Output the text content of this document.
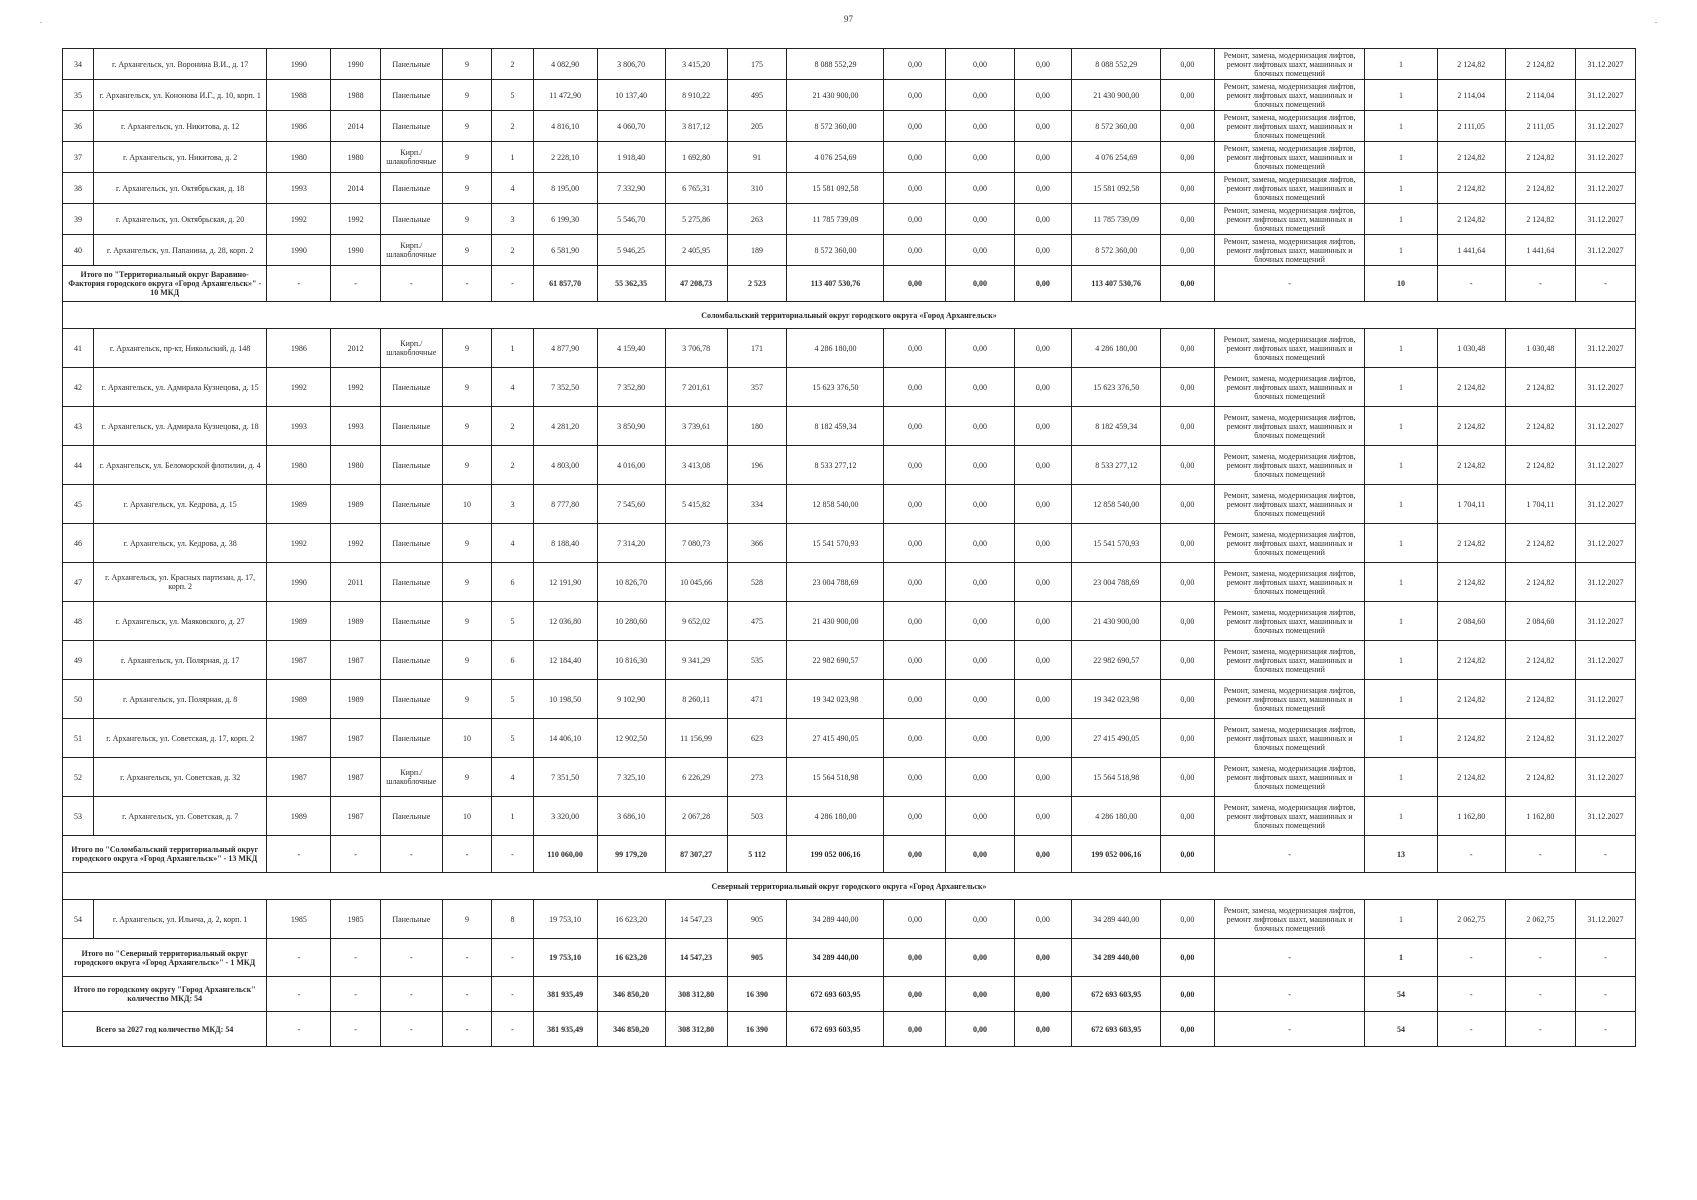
97
.	.
34	г. Архангельск, ул. Воронина В.И., д. 17	1990	1990	Панельные	9	2	4 082,90	3 806,70	3 415,20	175	8 088 552,29	0,00	0,00	0,00	8 088 552,29	0,00	Ремонт, замена, модернизация лифтов, ремонт лифтовых шахт, машинных и блочных помещений	1	2 124,82	2 124,82	31.12.2027
35	г. Архангельск, ул. Кононова И.Г., д. 10, корп. 1	1988	1988	Панельные	9	5	11 472,90	10 137,40	8 910,22	495	21 430 900,00	0,00	0,00	0,00	21 430 900,00	0,00	Ремонт, замена, модернизация лифтов, ремонт лифтовых шахт, машинных и блочных помещений	1	2 114,04	2 114,04	31.12.2027
36	г. Архангельск, ул. Никитова, д. 12	1986	2014	Панельные	9	2	4 816,10	4 060,70	3 817,12	205	8 572 360,00	0,00	0,00	0,00	8 572 360,00	0,00	Ремонт, замена, модернизация лифтов, ремонт лифтовых шахт, машинных и блочных помещений	1	2 111,05	2 111,05	31.12.2027
37	г. Архангельск, ул. Никитова, д. 2	1980	1980	Кирп./ шлакоблочные	9	1	2 228,10	1 918,40	1 692,80	91	4 076 254,69	0,00	0,00	0,00	4 076 254,69	0,00	Ремонт, замена, модернизация лифтов, ремонт лифтовых шахт, машинных и блочных помещений	1	2 124,82	2 124,82	31.12.2027
38	г. Архангельск, ул. Октябрьская, д. 18	1993	2014	Панельные	9	4	8 195,00	7 332,90	6 765,31	310	15 581 092,58	0,00	0,00	0,00	15 581 092,58	0,00	Ремонт, замена, модернизация лифтов, ремонт лифтовых шахт, машинных и блочных помещений	1	2 124,82	2 124,82	31.12.2027
39	г. Архангельск, ул. Октябрьская, д. 20	1992	1992	Панельные	9	3	6 199,30	5 546,70	5 275,86	263	11 785 739,09	0,00	0,00	0,00	11 785 739,09	0,00	Ремонт, замена, модернизация лифтов, ремонт лифтовых шахт, машинных и блочных помещений	1	2 124,82	2 124,82	31.12.2027
40	г. Архангельск, ул. Папанина, д. 28, корп. 2	1990	1990	Кирп./ шлакоблочные	9	2	6 581,90	5 946,25	2 405,95	189	8 572 360,00	0,00	0,00	0,00	8 572 360,00	0,00	Ремонт, замена, модернизация лифтов, ремонт лифтовых шахт, машинных и блочных помещений	1	1 441,64	1 441,64	31.12.2027
Итого по "Территориальный округ Варавино-Фактория городского округа «Город Архангельск»" - 10 МКД		-	-	-	-	-	61 857,70	55 362,35	47 208,73	2 523	113 407 530,76	0,00	0,00	0,00	113 407 530,76	0,00	-	10	-	-	-
Соломбальский территориальный округ городского округа «Город Архангельск»																					
41	г. Архангельск, пр-кт, Никольский, д. 148	1986	2012	Кирп./ шлакоблочные	9	1	4 877,90	4 159,40	3 706,78	171	4 286 180,00	0,00	0,00	0,00	4 286 180,00	0,00	Ремонт, замена, модернизация лифтов, ремонт лифтовых шахт, машинных и блочных помещений	1	1 030,48	1 030,48	31.12.2027
42	г. Архангельск, ул. Адмирала Кузнецова, д. 15	1992	1992	Панельные	9	4	7 352,50	7 352,80	7 201,61	357	15 623 376,50	0,00	0,00	0,00	15 623 376,50	0,00	Ремонт, замена, модернизация лифтов, ремонт лифтовых шахт, машинных и блочных помещений	1	2 124,82	2 124,82	31.12.2027
43	г. Архангельск, ул. Адмирала Кузнецова, д. 18	1993	1993	Панельные	9	2	4 281,20	3 850,90	3 739,61	180	8 182 459,34	0,00	0,00	0,00	8 182 459,34	0,00	Ремонт, замена, модернизация лифтов, ремонт лифтовых шахт, машинных и блочных помещений	1	2 124,82	2 124,82	31.12.2027
44	г. Архангельск, ул. Беломорской флотилии, д. 4	1980	1980	Панельные	9	2	4 803,00	4 016,00	3 413,08	196	8 533 277,12	0,00	0,00	0,00	8 533 277,12	0,00	Ремонт, замена, модернизация лифтов, ремонт лифтовых шахт, машинных и блочных помещений	1	2 124,82	2 124,82	31.12.2027
45	г. Архангельск, ул. Кедрова, д. 15	1989	1989	Панельные	10	3	8 777,80	7 545,60	5 415,82	334	12 858 540,00	0,00	0,00	0,00	12 858 540,00	0,00	Ремонт, замена, модернизация лифтов, ремонт лифтовых шахт, машинных и блочных помещений	1	1 704,11	1 704,11	31.12.2027
46	г. Архангельск, ул. Кедрова, д. 38	1992	1992	Панельные	9	4	8 188,40	7 314,20	7 080,73	366	15 541 570,93	0,00	0,00	0,00	15 541 570,93	0,00	Ремонт, замена, модернизация лифтов, ремонт лифтовых шахт, машинных и блочных помещений	1	2 124,82	2 124,82	31.12.2027
47	г. Архангельск, ул. Красных партизан, д. 17, корп. 2	1990	2011	Панельные	9	6	12 191,90	10 826,70	10 045,66	528	23 004 788,69	0,00	0,00	0,00	23 004 788,69	0,00	Ремонт, замена, модернизация лифтов, ремонт лифтовых шахт, машинных и блочных помещений	1	2 124,82	2 124,82	31.12.2027
48	г. Архангельск, ул. Маяковского, д. 27	1989	1989	Панельные	9	5	12 036,80	10 280,60	9 652,02	475	21 430 900,00	0,00	0,00	0,00	21 430 900,00	0,00	Ремонт, замена, модернизация лифтов, ремонт лифтовых шахт, машинных и блочных помещений	1	2 084,60	2 084,60	31.12.2027
49	г. Архангельск, ул. Полярная, д. 17	1987	1987	Панельные	9	6	12 184,40	10 816,30	9 341,29	535	22 982 690,57	0,00	0,00	0,00	22 982 690,57	0,00	Ремонт, замена, модернизация лифтов, ремонт лифтовых шахт, машинных и блочных помещений	1	2 124,82	2 124,82	31.12.2027
50	г. Архангельск, ул. Полярная, д. 8	1989	1989	Панельные	9	5	10 198,50	9 102,90	8 260,11	471	19 342 023,98	0,00	0,00	0,00	19 342 023,98	0,00	Ремонт, замена, модернизация лифтов, ремонт лифтовых шахт, машинных и блочных помещений	1	2 124,82	2 124,82	31.12.2027
51	г. Архангельск, ул. Советская, д. 17, корп. 2	1987	1987	Панельные	10	5	14 406,10	12 902,50	11 156,99	623	27 415 490,05	0,00	0,00	0,00	27 415 490,05	0,00	Ремонт, замена, модернизация лифтов, ремонт лифтовых шахт, машинных и блочных помещений	1	2 124,82	2 124,82	31.12.2027
52	г. Архангельск, ул. Советская, д. 32	1987	1987	Кирп./ шлакоблочные	9	4	7 351,50	7 325,10	6 226,29	273	15 564 518,98	0,00	0,00	0,00	15 564 518,98	0,00	Ремонт, замена, модернизация лифтов, ремонт лифтовых шахт, машинных и блочных помещений	1	2 124,82	2 124,82	31.12.2027
53	г. Архангельск, ул. Советская, д. 7	1989	1987	Панельные	10	1	3 320,00	3 686,10	2 067,28	503	4 286 180,00	0,00	0,00	0,00	4 286 180,00	0,00	Ремонт, замена, модернизация лифтов, ремонт лифтовых шахт, машинных и блочных помещений	1	1 162,80	1 162,80	31.12.2027
Итого по "Соломбальский территориальный округ городского округа «Город Архангельск»" - 13 МКД		-	-	-	-	-	110 060,00	99 179,20	87 307,27	5 112	199 052 006,16	0,00	0,00	0,00	199 052 006,16	0,00	-	13	-	-	-
Северный территориальный округ городского округа «Город Архангельск»																					
54	г. Архангельск, ул. Ильича, д. 2, корп. 1	1985	1985	Панельные	9	8	19 753,10	16 623,20	14 547,23	905	34 289 440,00	0,00	0,00	0,00	34 289 440,00	0,00	Ремонт, замена, модернизация лифтов, ремонт лифтовых шахт, машинных и блочных помещений	1	2 062,75	2 062,75	31.12.2027
Итого по "Северный территориальный округ городского округа «Город Архангельск»" - 1 МКД		-	-	-	-	-	19 753,10	16 623,20	14 547,23	905	34 289 440,00	0,00	0,00	0,00	34 289 440,00	0,00	-	1	-	-	-
Итого по городскому округу "Город Архангельск" количество МКД: 54		-	-	-	-	-	381 935,49	346 850,20	308 312,80	16 390	672 693 603,95	0,00	0,00	0,00	672 693 603,95	0,00	-	54	-	-	-
Всего за 2027 год количество МКД: 54		-	-	-	-	-	381 935,49	346 850,20	308 312,80	16 390	672 693 603,95	0,00	0,00	0,00	672 693 603,95	0,00	-	54	-	-	-
